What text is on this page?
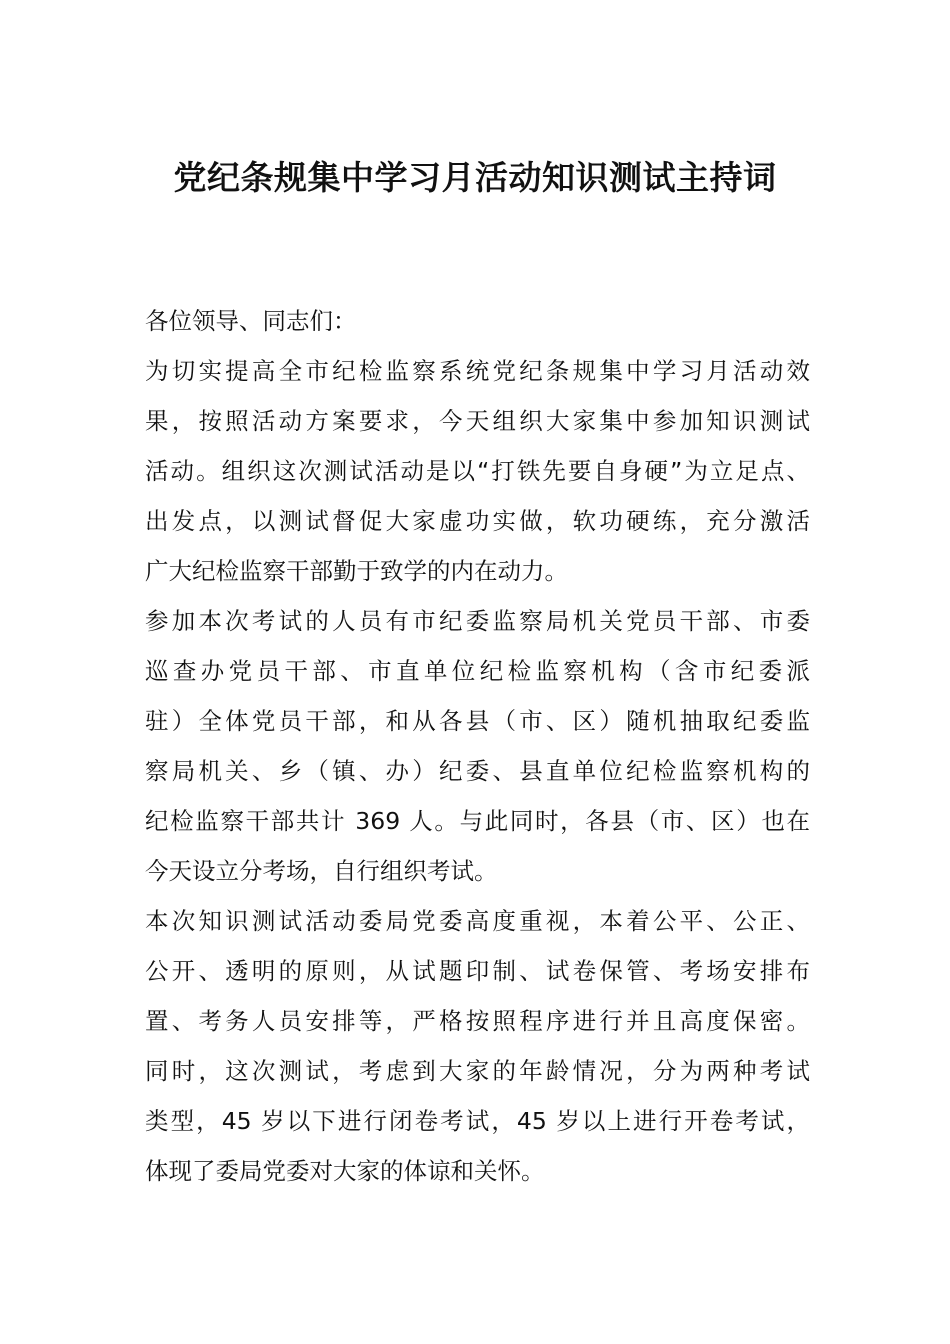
党纪条规集中学习月活动知识测试主持词
各位领导、同志们：
为切实提高全市纪检监察系统党纪条规集中学习月活动效
果，按照活动方案要求，今天组织大家集中参加知识测试
活动。组织这次测试活动是以“打铁先要自身硬”为立足点、
出发点，以测试督促大家虚功实做，软功硬练，充分激活
广大纪检监察干部勤于致学的内在动力。
参加本次考试的人员有市纪委监察局机关党员干部、市委
巡查办党员干部、市直单位纪检监察机构（含市纪委派
驻）全体党员干部，和从各县（市、区）随机抽取纪委监
察局机关、乡（镇、办）纪委、县直单位纪检监察机构的
纪检监察干部共计 369 人。与此同时，各县（市、区）也在
今天设立分考场，自行组织考试。
本次知识测试活动委局党委高度重视，本着公平、公正、
公开、透明的原则，从试题印制、试卷保管、考场安排布
置、考务人员安排等，严格按照程序进行并且高度保密。
同时，这次测试，考虑到大家的年龄情况，分为两种考试
类型，45 岁以下进行闭卷考试，45 岁以上进行开卷考试，
体现了委局党委对大家的体谅和关怀。
